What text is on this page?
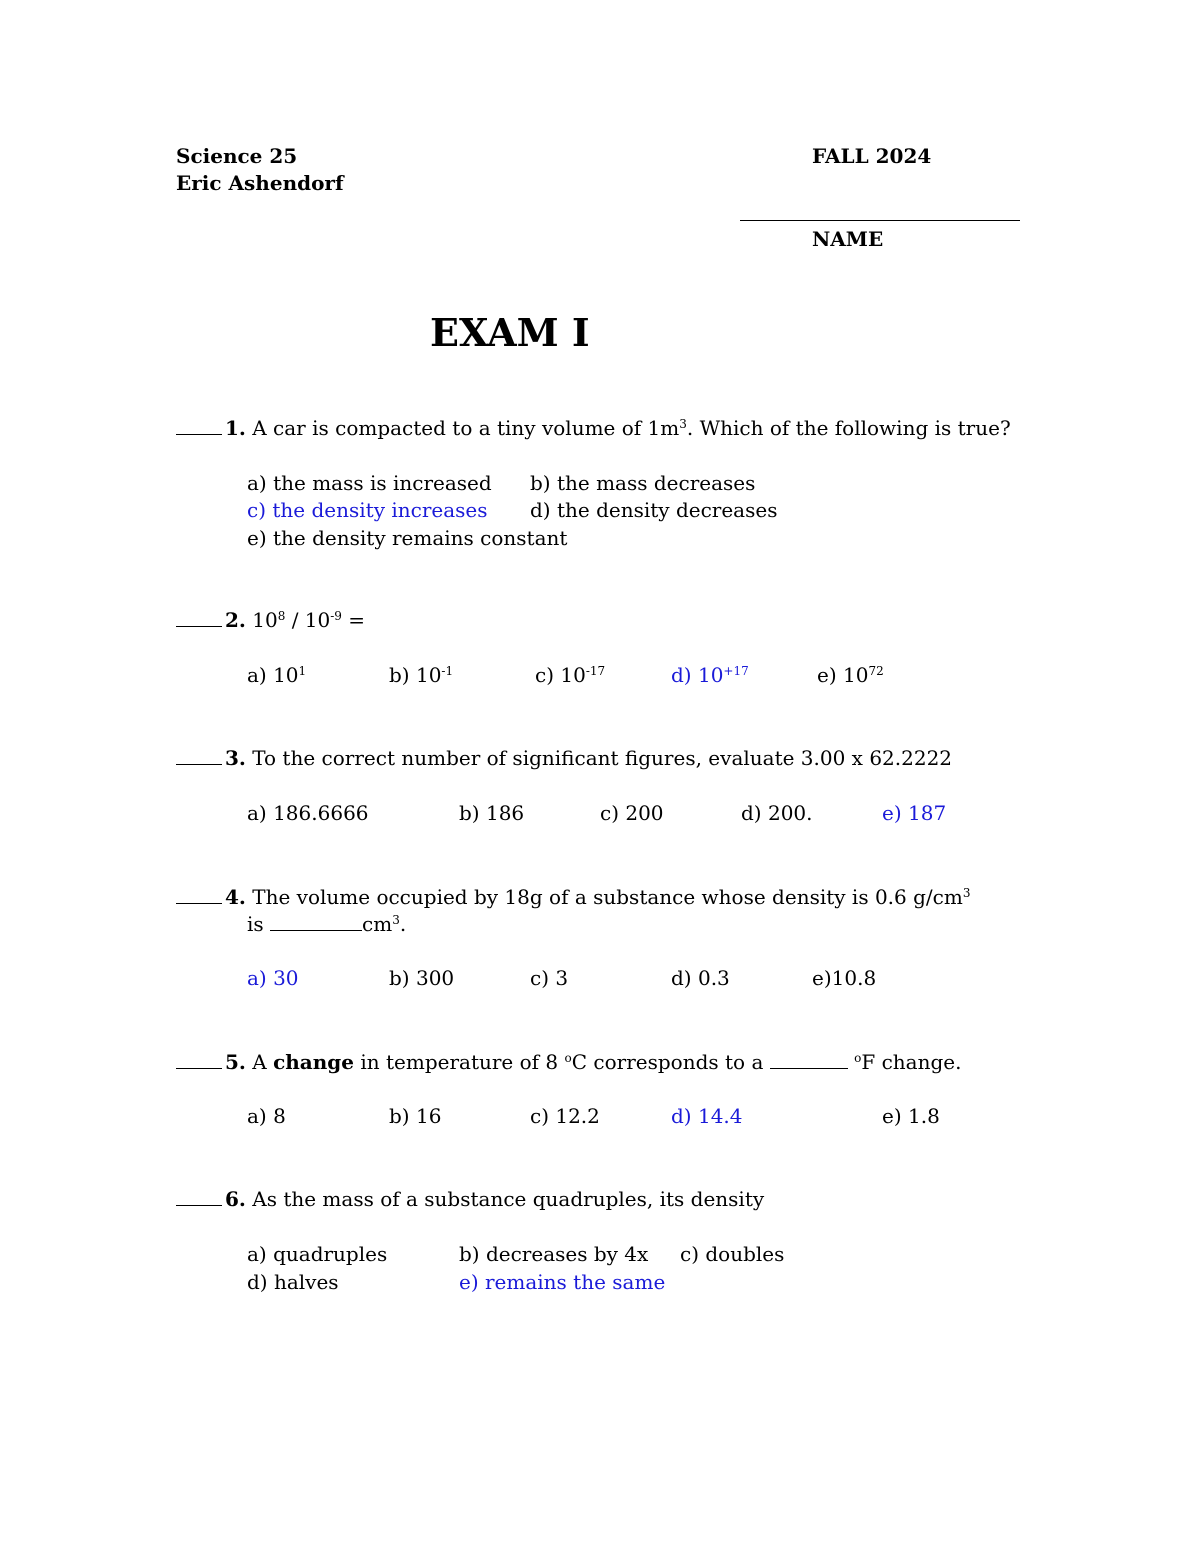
Science 25	FALL 2024
Eric Ashendorf
NAME
EXAM I
1. A car is compacted to a tiny volume of $1m^3$. Which of the following is true?
a) the mass is increased b) the mass decreases
c) the density increases d) the density decreases
e) the density remains constant
2. $10^8 / 10^{-9}$ =
a) $10^1$	b) $10^{-1}$	c) $10^{-17}$	d) $10^{+17}$	e) $10^{72}$
3. To the correct number of significant figures, evaluate 3.00 x 62.2222
a) 186.6666	b) 186	c) 200	d) 200.	e) 187
4. The volume occupied by 18g of a substance whose density is 0.6 $g/cm^3$
is	$cm^3$.
a) 30	b) 300	c) 3	d) 0.3	e)10.8
5. A change in temperature of 8 $^o$C corresponds to a	$^o$F change.
a) 8	b) 16	c) 12.2	d) 14.4	e) 1.8
6. As the mass of a substance quadruples, its density
a) quadruples	b) decreases by 4x c) doubles
d) halves	e) remains the same
